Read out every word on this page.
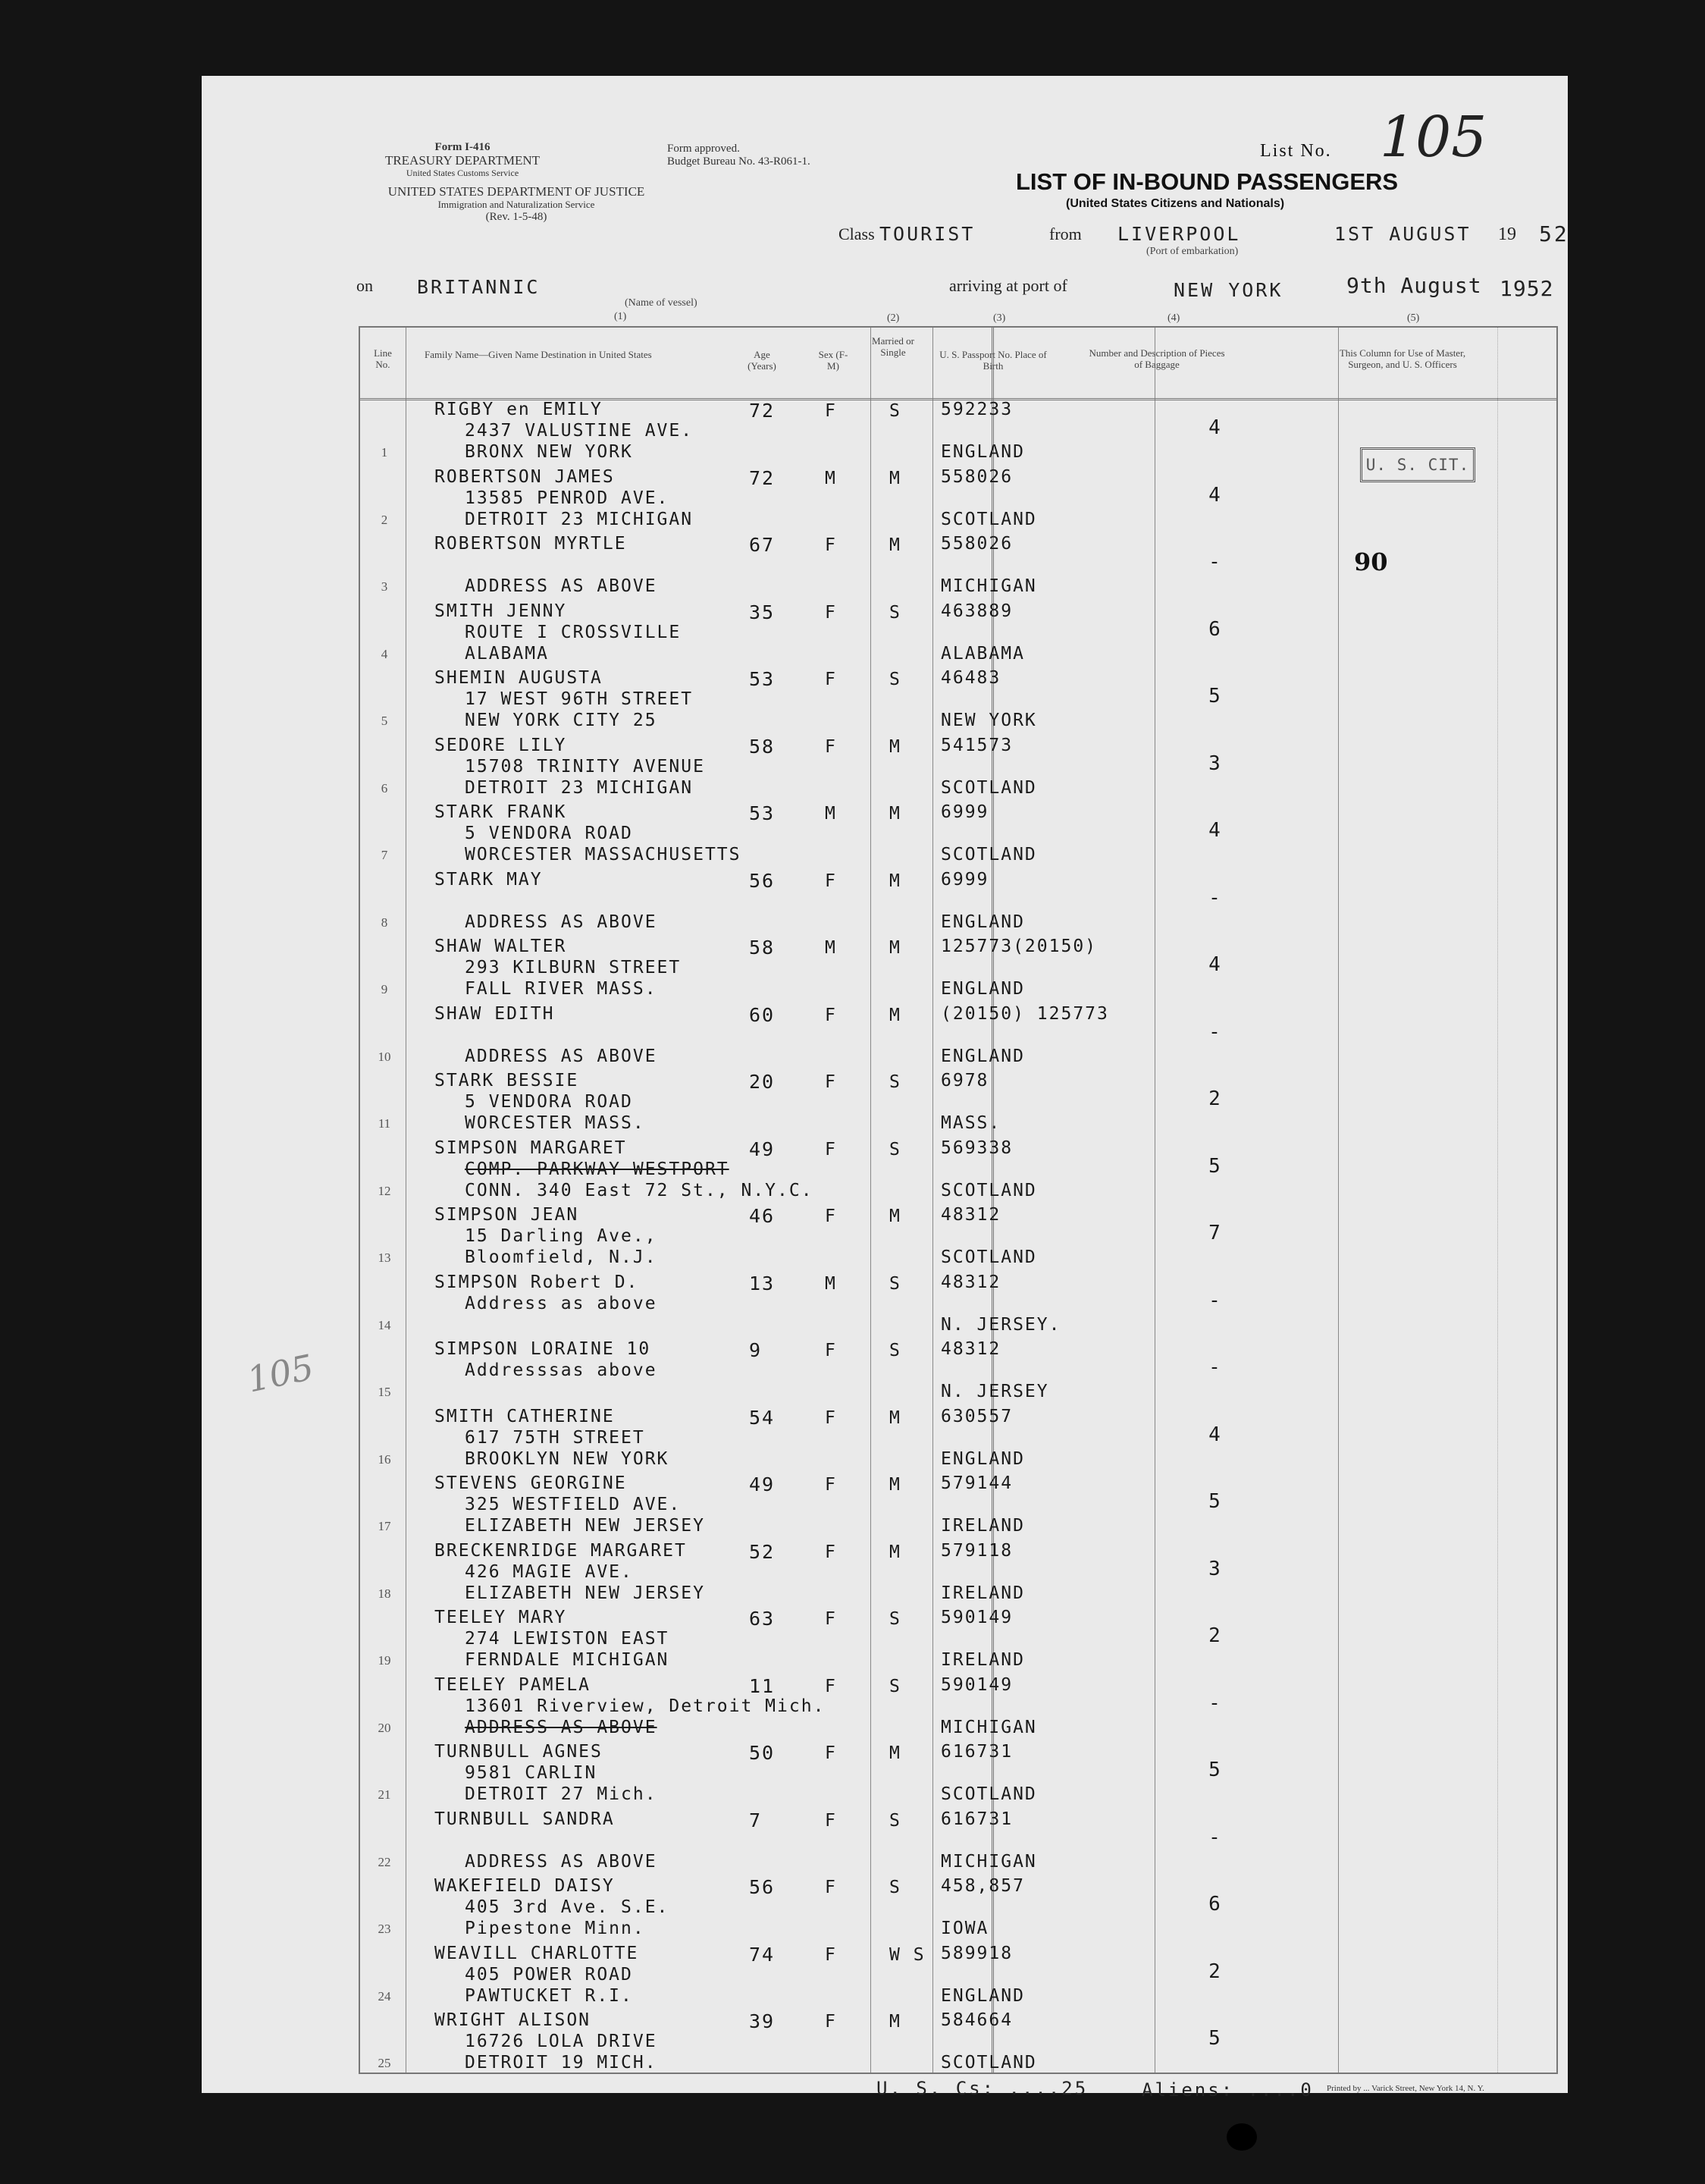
Form I-416
TREASURY DEPARTMENT
United States Customs Service
Form approved.
Budget Bureau No. 43-R061-1.
UNITED STATES DEPARTMENT OF JUSTICE
Immigration and Naturalization Service
(Rev. 1-5-48)
List No. 105
LIST OF IN-BOUND PASSENGERS
(United States Citizens and Nationals)
Class TOURIST	from LIVERPOOL
(Port of embarkation)
1ST AUGUST 19 52
on BRITANNIC
(Name of vessel)
(1)
arriving at port of	NEW YORK	9th August 1952
Line No.
Family Name—Given Name Destination in United States	Age (Years)
Sex (F-M)
Married or Single
(2)
U. S. Passport No. Place of Birth
(3)
Number and Description of Pieces of Baggage
(4)
This Column for Use of Master, Surgeon, and U. S. Officers
(5)
1
RIGBY en EMILY
2437 VALUSTINE AVE.
BRONX NEW YORK
72	F	S 592233
ENGLAND
4
2
ROBERTSON JAMES
13585 PENROD AVE.
DETROIT 23 MICHIGAN
72	M	M 558026
SCOTLAND
4
3
ROBERTSON MYRTLE
ADDRESS AS ABOVE
67	F	M 558026
MICHIGAN
-
4
SMITH JENNY
ROUTE I CROSSVILLE
ALABAMA
35	F	S 463889
ALABAMA
6
5
SHEMIN AUGUSTA
17 WEST 96TH STREET
NEW YORK CITY 25
53	F	S 46483
NEW YORK
5
6
SEDORE LILY
15708 TRINITY AVENUE
DETROIT 23 MICHIGAN
58	F	M 541573
SCOTLAND
3
7
STARK FRANK
5 VENDORA ROAD
WORCESTER MASSACHUSETTS
53	M	M 6999
SCOTLAND
4
8
STARK MAY
ADDRESS AS ABOVE
56	F	M 6999
ENGLAND
-
9
SHAW WALTER
293 KILBURN STREET
FALL RIVER MASS.
58	M	M 125773(20150)
ENGLAND
4
10
SHAW EDITH
ADDRESS AS ABOVE
60	F	M (20150) 125773
ENGLAND
-
11
STARK BESSIE
5 VENDORA ROAD
WORCESTER MASS.
20	F	S 6978
MASS.
2
12
SIMPSON MARGARET
COMP. PARKWAY WESTPORT
CONN. 340 East 72 St., N.Y.C.
49	F	S 569338
SCOTLAND
5
13
SIMPSON JEAN
15 Darling Ave.,
Bloomfield, N.J.
46	F	M 48312
SCOTLAND
7
14
SIMPSON Robert D.
Address as above
13	M	S 48312
N. JERSEY.
-
15
SIMPSON LORAINE 10
Addresssas above
9	F	S 48312
N. JERSEY
-
16
SMITH CATHERINE
617 75TH STREET
BROOKLYN NEW YORK
54	F	M 630557
ENGLAND
4
17
STEVENS GEORGINE
325 WESTFIELD AVE.
ELIZABETH NEW JERSEY
49	F	M 579144
IRELAND
5
18
BRECKENRIDGE MARGARET
426 MAGIE AVE.
ELIZABETH NEW JERSEY
52	F	M 579118
IRELAND
3
19
TEELEY MARY
274 LEWISTON EAST
FERNDALE MICHIGAN
63	F	S 590149
IRELAND
2
20
TEELEY PAMELA
13601 Riverview, Detroit Mich.
ADDRESS AS ABOVE
11	F	S 590149
MICHIGAN
-
21
TURNBULL AGNES
9581 CARLIN
DETROIT 27 Mich.
50	F	M 616731
SCOTLAND
5
22
TURNBULL SANDRA
ADDRESS AS ABOVE
7	F	S 616731
MICHIGAN
-
23
WAKEFIELD DAISY
405 3rd Ave. S.E.
Pipestone Minn.
56	F	S 458,857
IOWA
6
24
WEAVILL CHARLOTTE
405 POWER ROAD
PAWTUCKET R.I.
74	F	W S 589918
ENGLAND
2
25
WRIGHT ALISON
16726 LOLA DRIVE
DETROIT 19 MICH.
39	F	M 584664
SCOTLAND
5
U. S. CIT.
90
105
U. S. Cs: ....25	Aliens: ....0 Printed by ... Varick Street, New York 14, N. Y.
